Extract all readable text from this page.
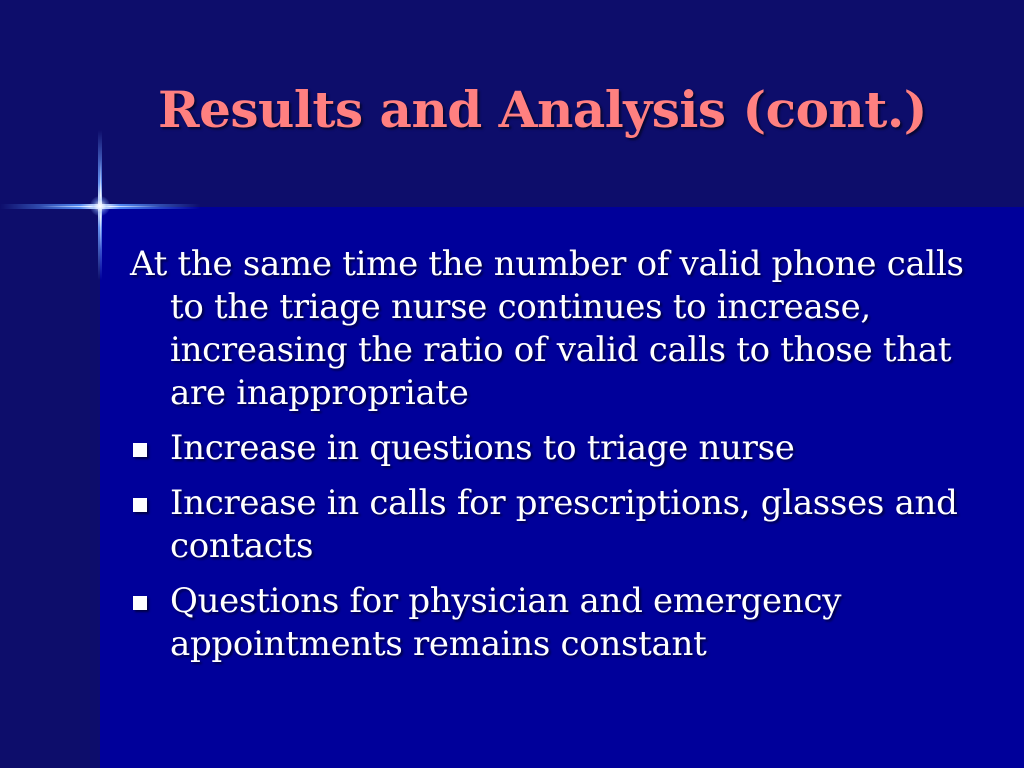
Results and Analysis (cont.)
At the same time the number of valid phone calls to the triage nurse continues to increase, increasing the ratio of valid calls to those that are inappropriate
Increase in questions to triage nurse
Increase in calls for prescriptions, glasses and contacts
Questions for physician and emergency appointments remains constant
